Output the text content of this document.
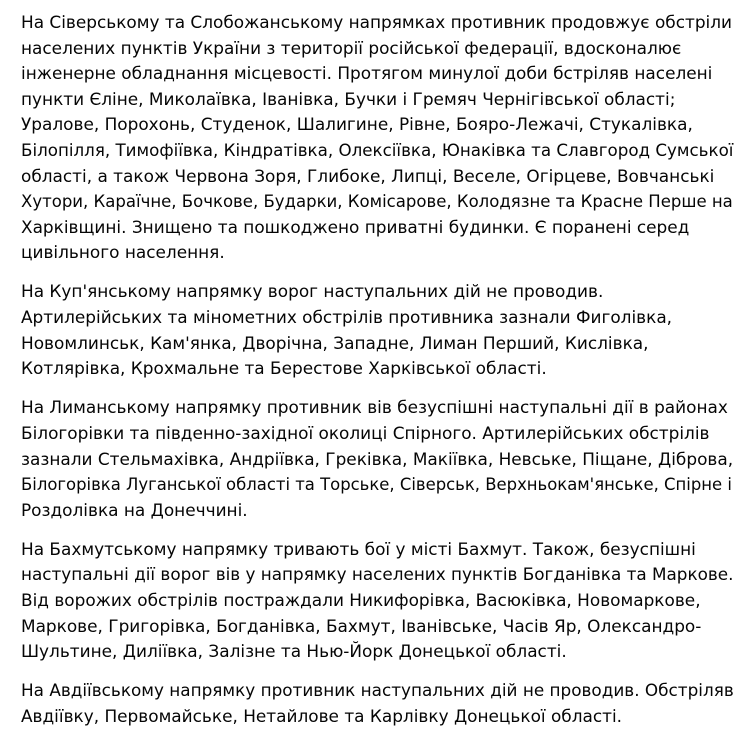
На Сіверському та Слобожанському напрямках противник продовжує обстріли
населених пунктів України з території російської федерації, вдосконалює
інженерне обладнання місцевості. Протягом минулої доби бстріляв населені
пункти Єліне, Миколаївка, Іванівка, Бучки і Гремяч Чернігівської області;
Уралове, Порохонь, Студенок, Шалигине, Рівне, Бояро-Лежачі, Стукалівка,
Білопілля, Тимофіївка, Кіндратівка, Олексіївка, Юнаківка та Славгород Сумської
області, а також Червона Зоря, Глибоке, Липці, Веселе, Огірцеве, Вовчанські
Хутори, Караїчне, Бочкове, Бударки, Комісарове, Колодязне та Красне Перше на
Харківщині. Знищено та пошкоджено приватні будинки. Є поранені серед
цивільного населення.

На Куп'янському напрямку ворог наступальних дій не проводив.
Артилерійських та мінометних обстрілів противника зазнали Фиголівка,
Новомлинськ, Кам'янка, Дворічна, Западне, Лиман Перший, Кислівка,
Котлярівка, Крохмальне та Берестове Харківської області.

На Лиманському напрямку противник вів безуспішні наступальні дії в районах
Білогорівки та південно-західної околиці Спірного. Артилерійських обстрілів
зазнали Стельмахівка, Андріївка, Греківка, Макіївка, Невське, Піщане, Діброва,
Білогорівка Луганської області та Торське, Сіверськ, Верхньокам'янське, Спірне і
Роздолівка на Донеччині.

На Бахмутському напрямку тривають бої у місті Бахмут. Також, безуспішні
наступальні дії ворог вів у напрямку населених пунктів Богданівка та Маркове.
Від ворожих обстрілів постраждали Никифорівка, Васюківка, Новомаркове,
Маркове, Григорівка, Богданівка, Бахмут, Іванівське, Часів Яр, Олександро-
Шультине, Диліївка, Залізне та Нью-Йорк Донецької області.

На Авдіївському напрямку противник наступальних дій не проводив. Обстріляв
Авдіївку, Первомайське, Нетайлове та Карлівку Донецької області.
